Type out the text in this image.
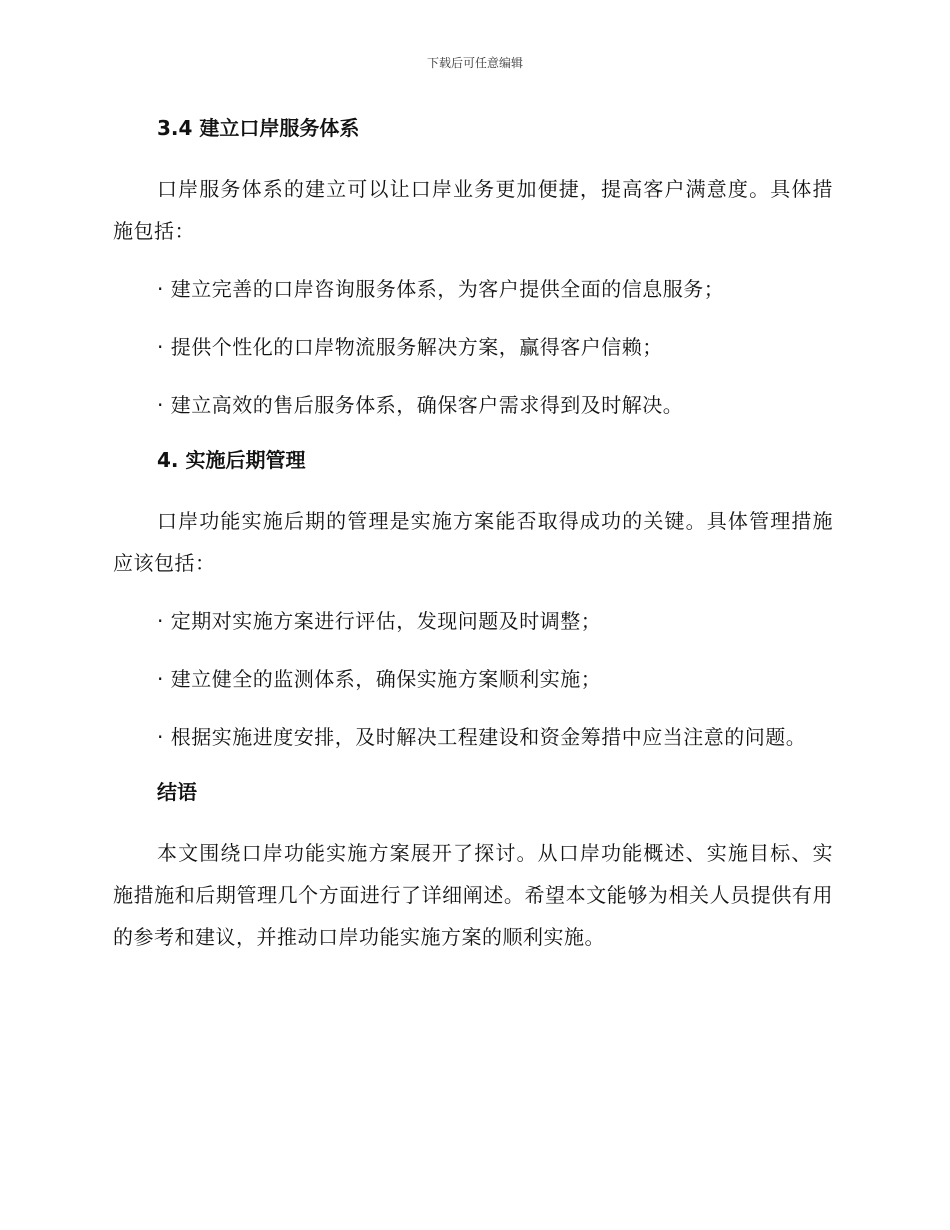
下载后可任意编辑
3.4 建立口岸服务体系

口岸服务体系的建立可以让口岸业务更加便捷，提高客户满意度。具体措施包括：

· 建立完善的口岸咨询服务体系，为客户提供全面的信息服务；

· 提供个性化的口岸物流服务解决方案，赢得客户信赖；

· 建立高效的售后服务体系，确保客户需求得到及时解决。

4. 实施后期管理

口岸功能实施后期的管理是实施方案能否取得成功的关键。具体管理措施应该包括：

· 定期对实施方案进行评估，发现问题及时调整；

· 建立健全的监测体系，确保实施方案顺利实施；

· 根据实施进度安排，及时解决工程建设和资金筹措中应当注意的问题。

结语

本文围绕口岸功能实施方案展开了探讨。从口岸功能概述、实施目标、实施措施和后期管理几个方面进行了详细阐述。希望本文能够为相关人员提供有用的参考和建议，并推动口岸功能实施方案的顺利实施。
